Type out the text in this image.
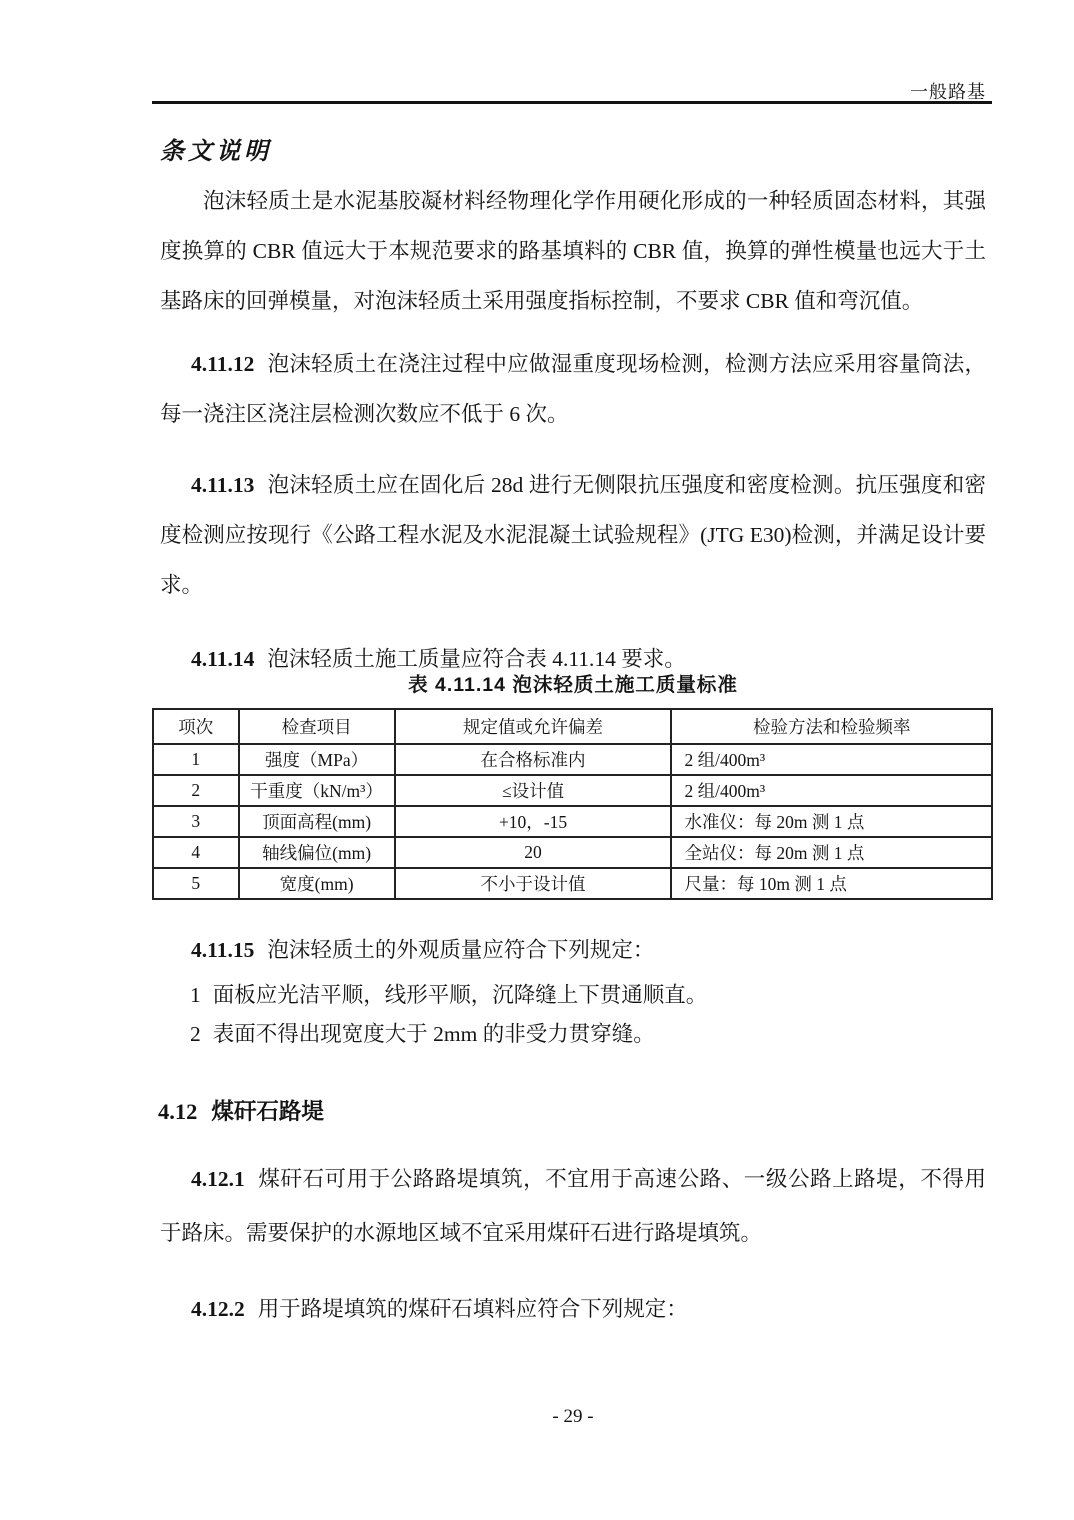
一般路基
条文说明
泡沫轻质土是水泥基胶凝材料经物理化学作用硬化形成的一种轻质固态材料，其强度换算的 CBR 值远大于本规范要求的路基填料的 CBR 值，换算的弹性模量也远大于土基路床的回弹模量，对泡沫轻质土采用强度指标控制，不要求 CBR 值和弯沉值。
4.11.12 泡沫轻质土在浇注过程中应做湿重度现场检测，检测方法应采用容量筒法，每一浇注区浇注层检测次数应不低于 6 次。
4.11.13 泡沫轻质土应在固化后 28d 进行无侧限抗压强度和密度检测。抗压强度和密度检测应按现行《公路工程水泥及水泥混凝土试验规程》(JTG E30)检测，并满足设计要求。
4.11.14 泡沫轻质土施工质量应符合表 4.11.14 要求。
表 4.11.14 泡沫轻质土施工质量标准
项次	检查项目	规定值或允许偏差	检验方法和检验频率
1	强度（MPa）	在合格标准内	2 组/400m³
2	干重度（kN/m³）	≤设计值	2 组/400m³
3	顶面高程(mm)	+10，-15	水准仪：每 20m 测 1 点
4	轴线偏位(mm)	20	全站仪：每 20m 测 1 点
5	宽度(mm)	不小于设计值	尺量：每 10m 测 1 点
4.11.15 泡沫轻质土的外观质量应符合下列规定：
1 面板应光洁平顺，线形平顺，沉降缝上下贯通顺直。
2 表面不得出现宽度大于 2mm 的非受力贯穿缝。
4.12 煤矸石路堤
4.12.1 煤矸石可用于公路路堤填筑，不宜用于高速公路、一级公路上路堤，不得用于路床。需要保护的水源地区域不宜采用煤矸石进行路堤填筑。
4.12.2 用于路堤填筑的煤矸石填料应符合下列规定：
- 29 -
